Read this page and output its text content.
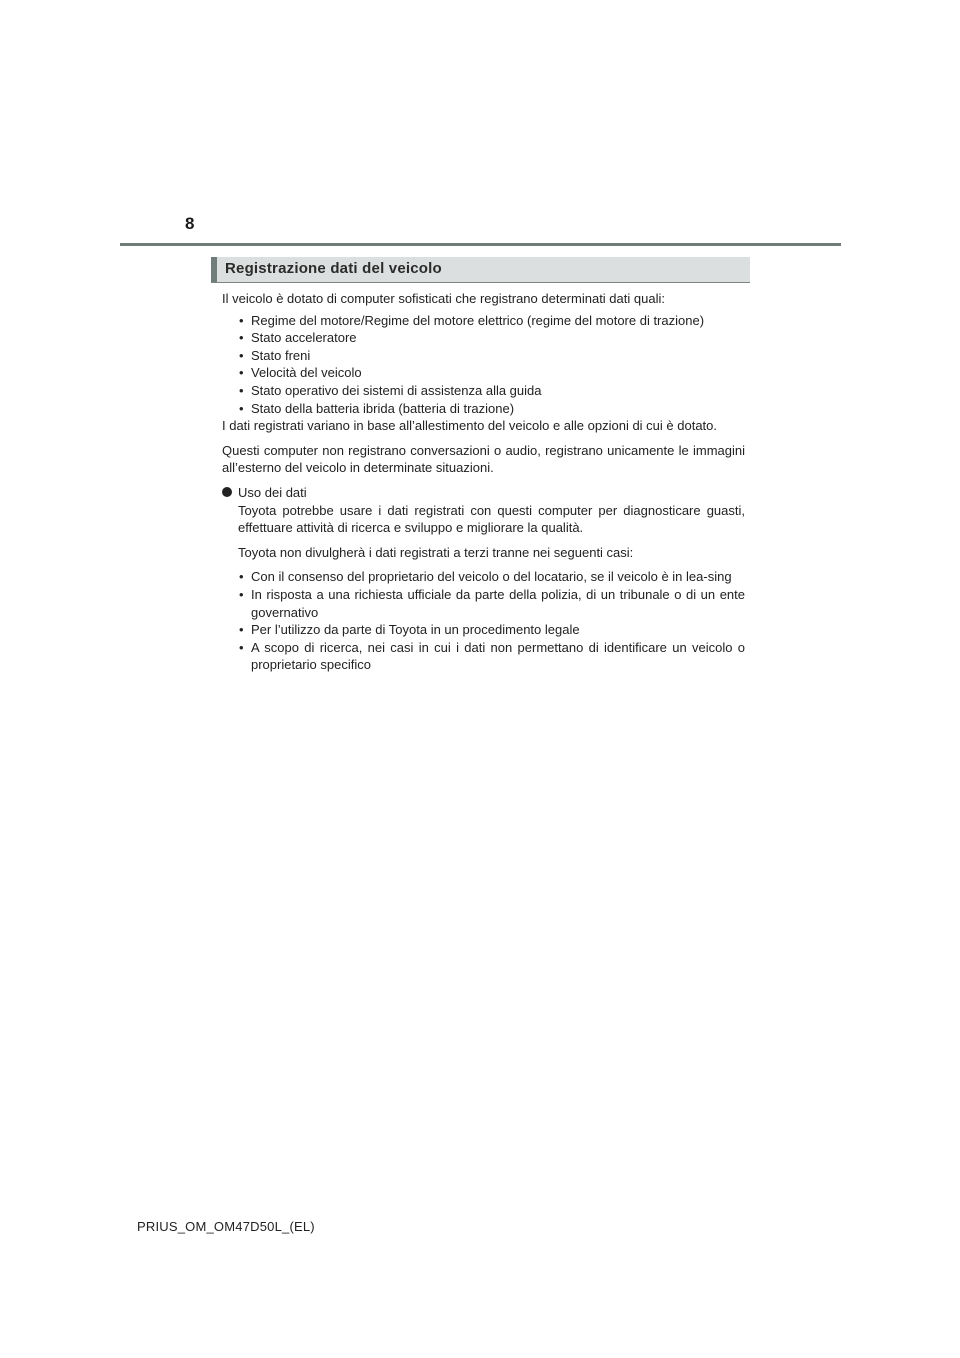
8
Registrazione dati del veicolo

Il veicolo è dotato di computer sofisticati che registrano determinati dati quali:

• Regime del motore/Regime del motore elettrico (regime del motore di trazione)
• Stato acceleratore
• Stato freni
• Velocità del veicolo
• Stato operativo dei sistemi di assistenza alla guida
• Stato della batteria ibrida (batteria di trazione)

I dati registrati variano in base all’allestimento del veicolo e alle opzioni di cui è dotato.

Questi computer non registrano conversazioni o audio, registrano unicamente le immagini all’esterno del veicolo in determinate situazioni.

Uso dei dati

Toyota potrebbe usare i dati registrati con questi computer per diagnosticare guasti, effettuare attività di ricerca e sviluppo e migliorare la qualità.

Toyota non divulgherà i dati registrati a terzi tranne nei seguenti casi:

• Con il consenso del proprietario del veicolo o del locatario, se il veicolo è in lea-sing
• In risposta a una richiesta ufficiale da parte della polizia, di un tribunale o di un ente governativo
• Per l’utilizzo da parte di Toyota in un procedimento legale
• A scopo di ricerca, nei casi in cui i dati non permettano di identificare un veicolo o proprietario specifico
PRIUS_OM_OM47D50L_(EL)
